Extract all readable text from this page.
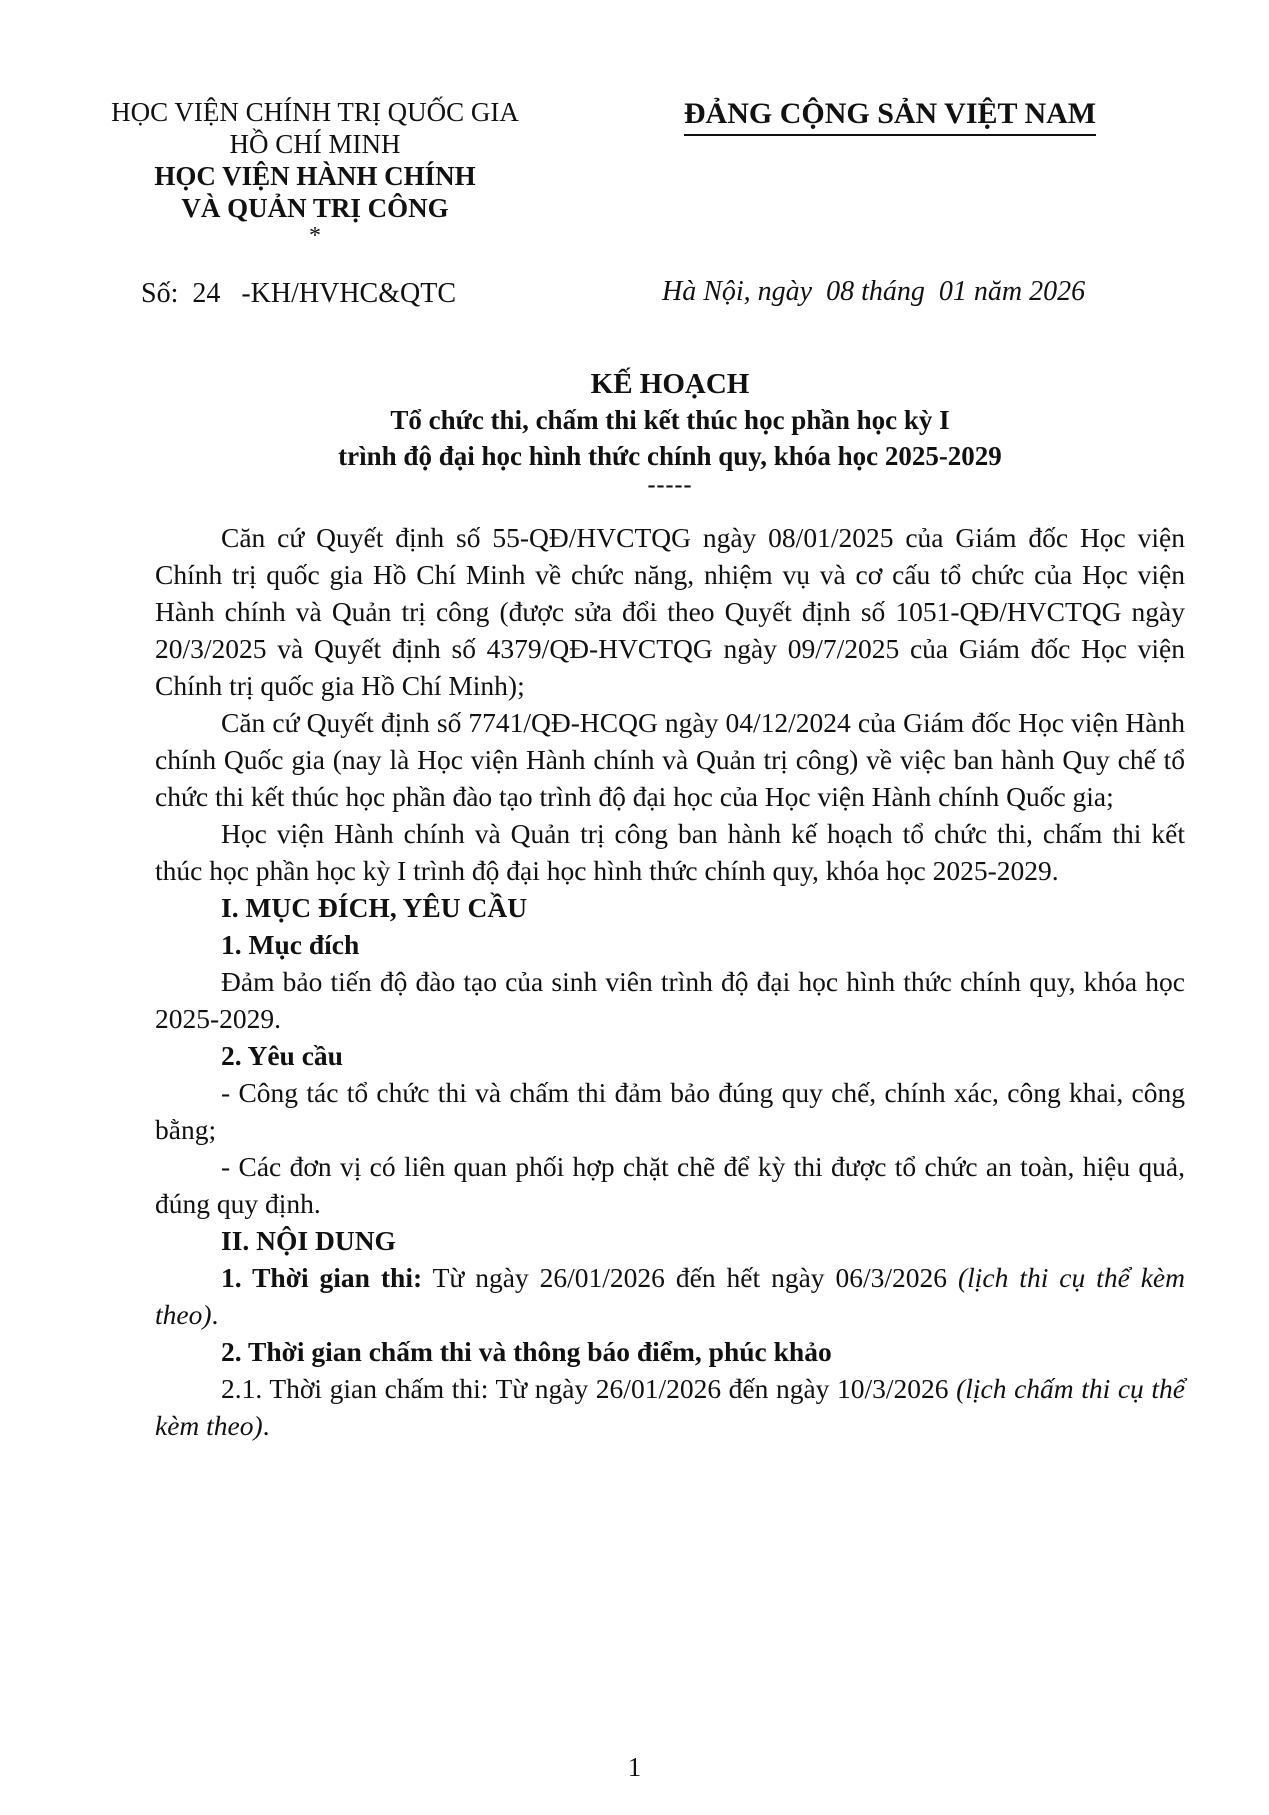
HỌC VIỆN CHÍNH TRỊ QUỐC GIA
HỒ CHÍ MINH
HỌC VIỆN HÀNH CHÍNH
VÀ QUẢN TRỊ CÔNG
*
Số:  24   -KH/HVHC&QTC
ĐẢNG CỘNG SẢN VIỆT NAM
Hà Nội, ngày  08 tháng  01 năm 2026
KẾ HOẠCH
Tổ chức thi, chấm thi kết thúc học phần học kỳ I
trình độ đại học hình thức chính quy, khóa học 2025-2029
-----

Căn cứ Quyết định số 55-QĐ/HVCTQG ngày 08/01/2025 của Giám đốc Học viện Chính trị quốc gia Hồ Chí Minh về chức năng, nhiệm vụ và cơ cấu tổ chức của Học viện Hành chính và Quản trị công (được sửa đổi theo Quyết định số 1051-QĐ/HVCTQG ngày 20/3/2025 và Quyết định số 4379/QĐ-HVCTQG ngày 09/7/2025 của Giám đốc Học viện Chính trị quốc gia Hồ Chí Minh);

Căn cứ Quyết định số 7741/QĐ-HCQG ngày 04/12/2024 của Giám đốc Học viện Hành chính Quốc gia (nay là Học viện Hành chính và Quản trị công) về việc ban hành Quy chế tổ chức thi kết thúc học phần đào tạo trình độ đại học của Học viện Hành chính Quốc gia;

Học viện Hành chính và Quản trị công ban hành kế hoạch tổ chức thi, chấm thi kết thúc học phần học kỳ I trình độ đại học hình thức chính quy, khóa học 2025-2029.

I. MỤC ĐÍCH, YÊU CẦU

1. Mục đích

Đảm bảo tiến độ đào tạo của sinh viên trình độ đại học hình thức chính quy, khóa học 2025-2029.

2. Yêu cầu

- Công tác tổ chức thi và chấm thi đảm bảo đúng quy chế, chính xác, công khai, công bằng;

- Các đơn vị có liên quan phối hợp chặt chẽ để kỳ thi được tổ chức an toàn, hiệu quả, đúng quy định.

II. NỘI DUNG

1. Thời gian thi: Từ ngày 26/01/2026 đến hết ngày 06/3/2026 (lịch thi cụ thể kèm theo).

2. Thời gian chấm thi và thông báo điểm, phúc khảo

2.1. Thời gian chấm thi: Từ ngày 26/01/2026 đến ngày 10/3/2026 (lịch chấm thi cụ thể kèm theo).

1
